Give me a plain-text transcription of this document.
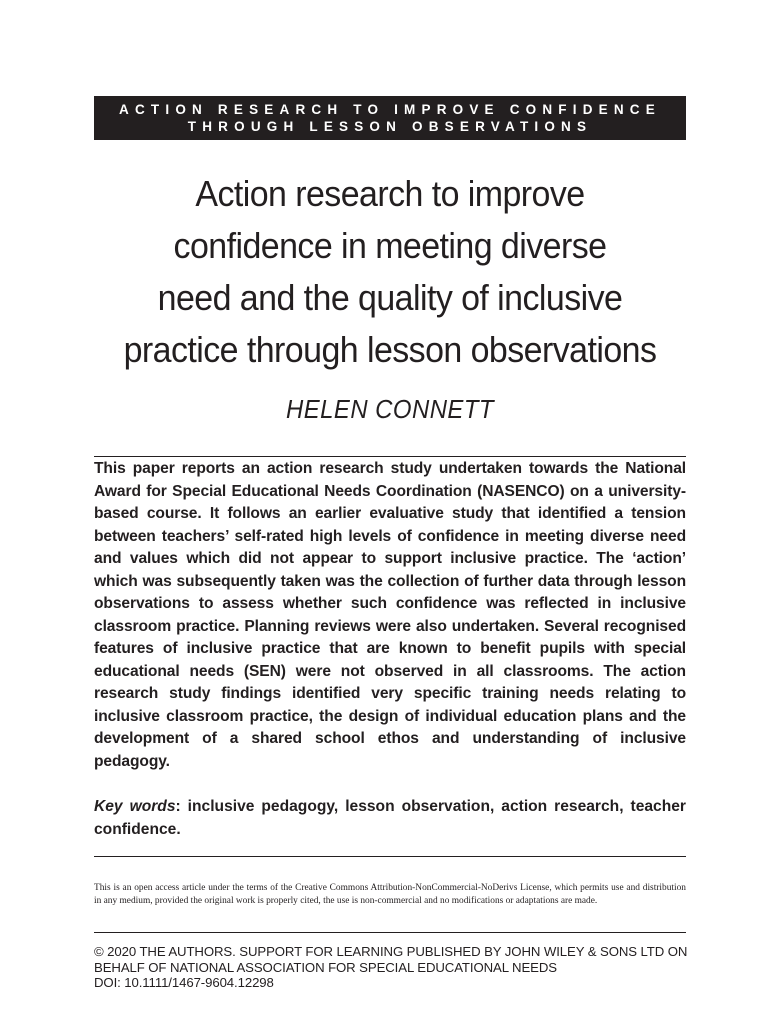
ACTION RESEARCH TO IMPROVE CONFIDENCE
THROUGH LESSON OBSERVATIONS
Action research to improve
confidence in meeting diverse
need and the quality of inclusive
practice through lesson observations
HELEN CONNETT

This paper reports an action research study undertaken towards the National Award for Special Educational Needs Coordination (NASENCO) on a university-based course. It follows an earlier evaluative study that identified a tension between teachers’ self-rated high levels of confidence in meeting diverse need and values which did not appear to support inclusive practice. The ‘action’ which was subsequently taken was the collection of further data through lesson observations to assess whether such confidence was reflected in inclusive classroom practice. Planning reviews were also undertaken. Several recognised features of inclusive practice that are known to benefit pupils with special educational needs (SEN) were not observed in all classrooms. The action research study findings identified very specific training needs relating to inclusive classroom practice, the design of individual education plans and the development of a shared school ethos and understanding of inclusive pedagogy.

Key words: inclusive pedagogy, lesson observation, action research, teacher confidence.

This is an open access article under the terms of the Creative Commons Attribution-NonCommercial-NoDerivs License, which permits use and distribution in any medium, provided the original work is properly cited, the use is non-commercial and no modifications or adaptations are made.

© 2020 THE AUTHORS. SUPPORT FOR LEARNING PUBLISHED BY JOHN WILEY & SONS LTD ON
BEHALF OF NATIONAL ASSOCIATION FOR SPECIAL EDUCATIONAL NEEDS
DOI: 10.1111/1467-9604.12298
